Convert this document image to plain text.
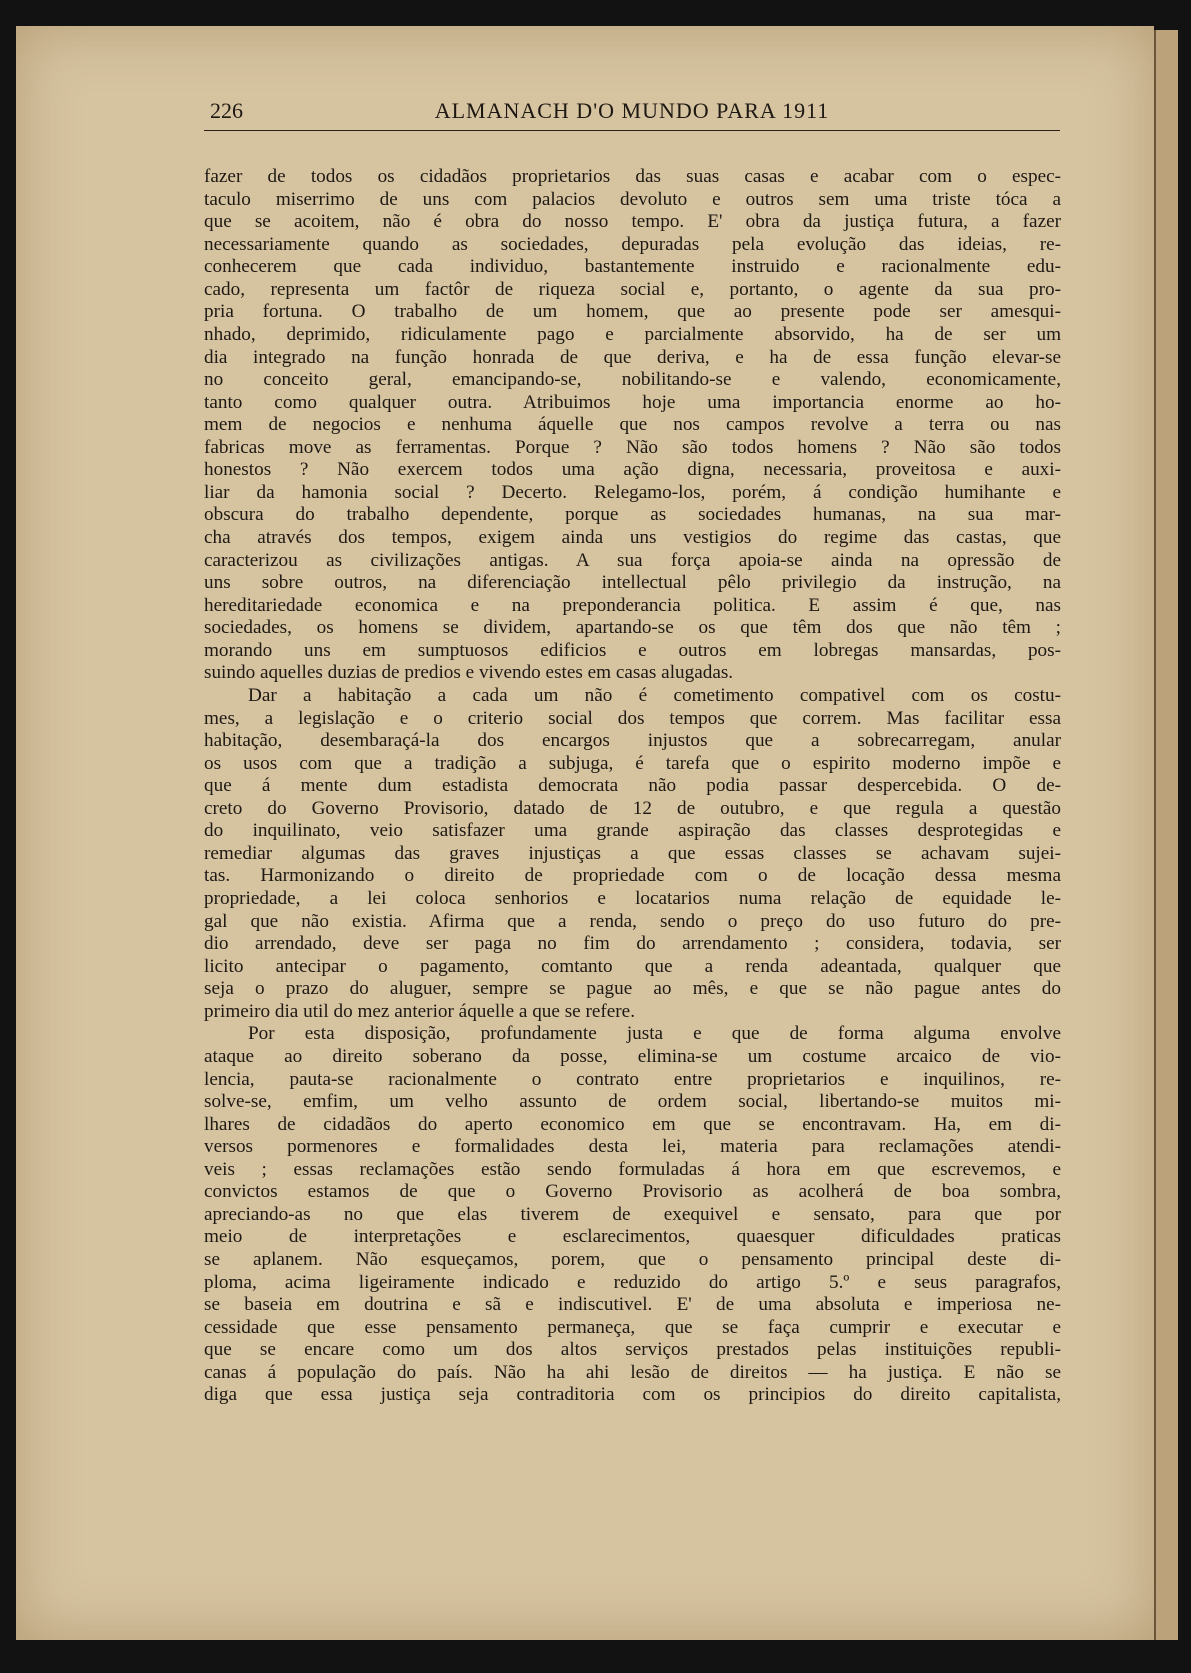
226	ALMANACH D'O MUNDO PARA 1911
fazer de todos os cidadãos proprietarios das suas casas e acabar com o espec-
taculo miserrimo de uns com palacios devoluto e outros sem uma triste tóca a
que se acoitem, não é obra do nosso tempo. E' obra da justiça futura, a fazer
necessariamente quando as sociedades, depuradas pela evolução das ideias, re-
conhecerem que cada individuo, bastantemente instruido e racionalmente edu-
cado, representa um factôr de riqueza social e, portanto, o agente da sua pro-
pria fortuna. O trabalho de um homem, que ao presente pode ser amesqui-
nhado, deprimido, ridiculamente pago e parcialmente absorvido, ha de ser um
dia integrado na função honrada de que deriva, e ha de essa função elevar-se
no conceito geral, emancipando-se, nobilitando-se e valendo, economicamente,
tanto como qualquer outra. Atribuimos hoje uma importancia enorme ao ho-
mem de negocios e nenhuma áquelle que nos campos revolve a terra ou nas
fabricas move as ferramentas. Porque ? Não são todos homens ? Não são todos
honestos ? Não exercem todos uma ação digna, necessaria, proveitosa e auxi-
liar da hamonia social ? Decerto. Relegamo-los, porém, á condição humihante e
obscura do trabalho dependente, porque as sociedades humanas, na sua mar-
cha através dos tempos, exigem ainda uns vestigios do regime das castas, que
caracterizou as civilizações antigas. A sua força apoia-se ainda na opressão de
uns sobre outros, na diferenciação intellectual pêlo privilegio da instrução, na
hereditariedade economica e na preponderancia politica. E assim é que, nas
sociedades, os homens se dividem, apartando-se os que têm dos que não têm ;
morando uns em sumptuosos edificios e outros em lobregas mansardas, pos-
suindo aquelles duzias de predios e vivendo estes em casas alugadas.
Dar a habitação a cada um não é cometimento compativel com os costu-
mes, a legislação e o criterio social dos tempos que correm. Mas facilitar essa
habitação, desembaraçá-la dos encargos injustos que a sobrecarregam, anular
os usos com que a tradição a subjuga, é tarefa que o espirito moderno impõe e
que á mente dum estadista democrata não podia passar despercebida. O de-
creto do Governo Provisorio, datado de 12 de outubro, e que regula a questão
do inquilinato, veio satisfazer uma grande aspiração das classes desprotegidas e
remediar algumas das graves injustiças a que essas classes se achavam sujei-
tas. Harmonizando o direito de propriedade com o de locação dessa mesma
propriedade, a lei coloca senhorios e locatarios numa relação de equidade le-
gal que não existia. Afirma que a renda, sendo o preço do uso futuro do pre-
dio arrendado, deve ser paga no fim do arrendamento ; considera, todavia, ser
licito antecipar o pagamento, comtanto que a renda adeantada, qualquer que
seja o prazo do aluguer, sempre se pague ao mês, e que se não pague antes do
primeiro dia util do mez anterior áquelle a que se refere.
Por esta disposição, profundamente justa e que de forma alguma envolve
ataque ao direito soberano da posse, elimina-se um costume arcaico de vio-
lencia, pauta-se racionalmente o contrato entre proprietarios e inquilinos, re-
solve-se, emfim, um velho assunto de ordem social, libertando-se muitos mi-
lhares de cidadãos do aperto economico em que se encontravam. Ha, em di-
versos pormenores e formalidades desta lei, materia para reclamações atendi-
veis ; essas reclamações estão sendo formuladas á hora em que escrevemos, e
convictos estamos de que o Governo Provisorio as acolherá de boa sombra,
apreciando-as no que elas tiverem de exequivel e sensato, para que por
meio de interpretações e esclarecimentos, quaesquer dificuldades praticas
se aplanem. Não esqueçamos, porem, que o pensamento principal deste di-
ploma, acima ligeiramente indicado e reduzido do artigo 5.º e seus paragrafos,
se baseia em doutrina e sã e indiscutivel. E' de uma absoluta e imperiosa ne-
cessidade que esse pensamento permaneça, que se faça cumprir e executar e
que se encare como um dos altos serviços prestados pelas instituições republi-
canas á população do país. Não ha ahi lesão de direitos — ha justiça. E não se
diga que essa justiça seja contraditoria com os principios do direito capitalista,
